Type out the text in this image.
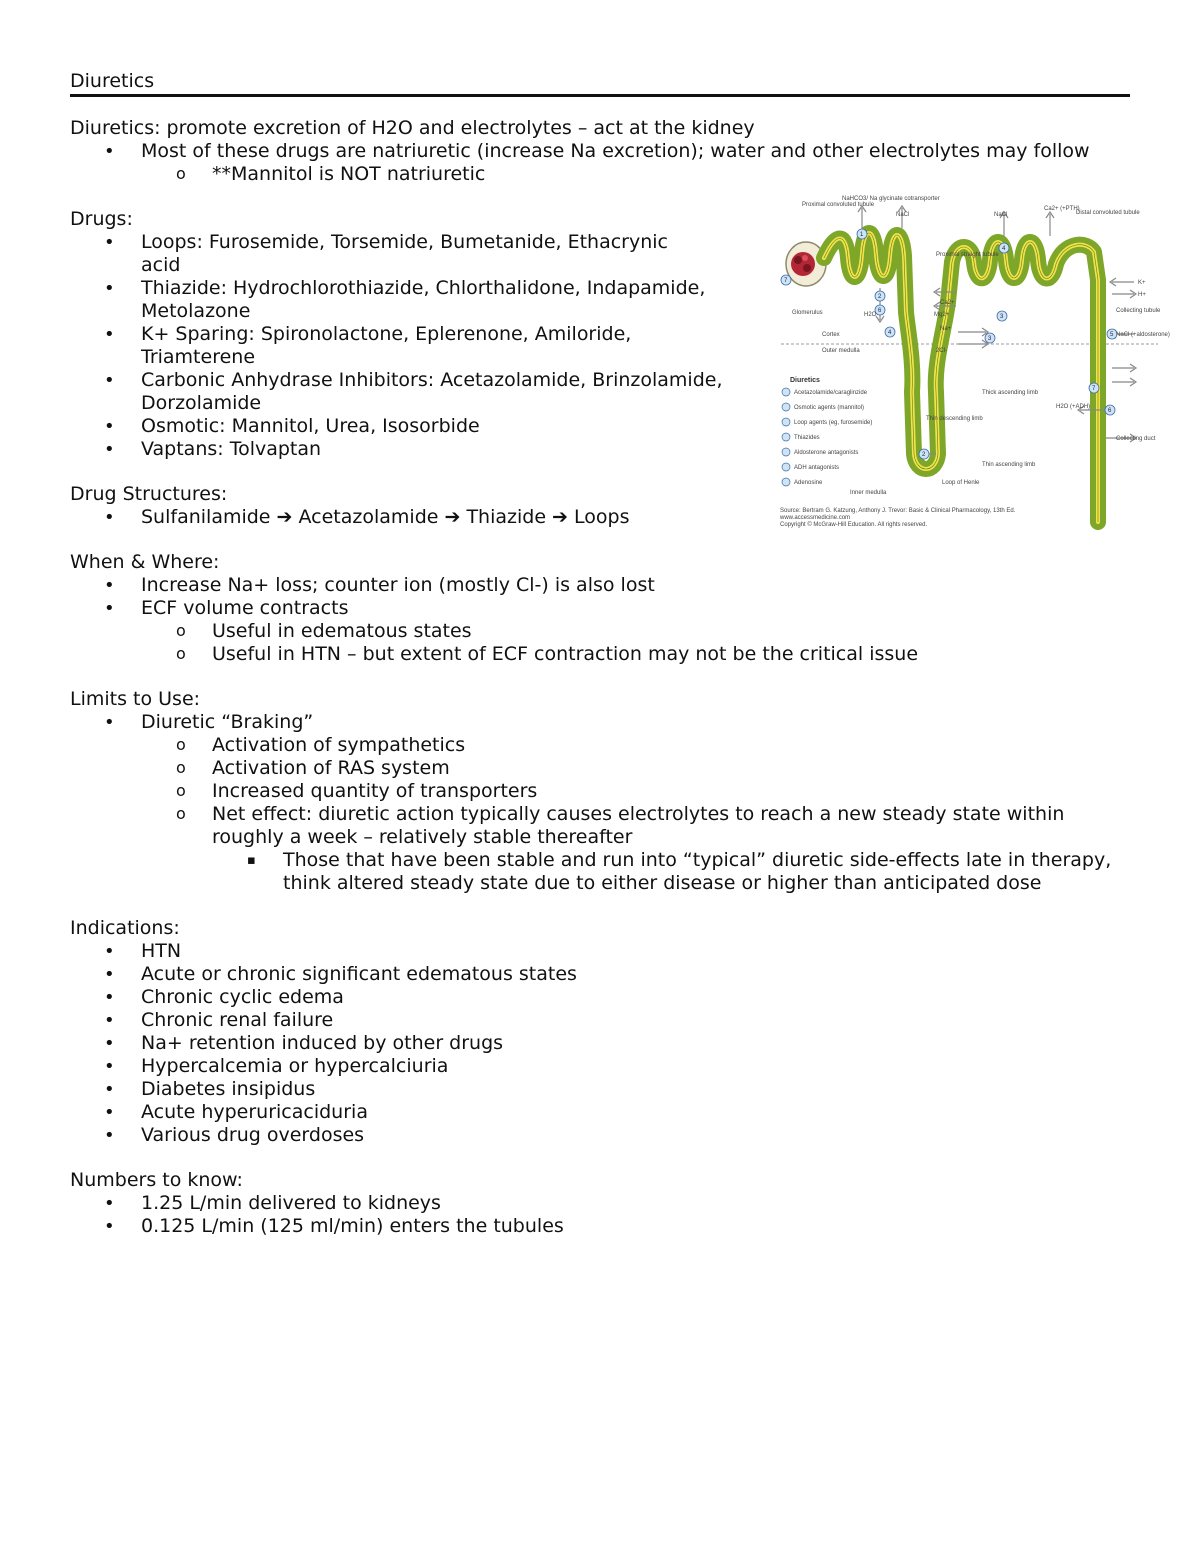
Diuretics
Diuretics: promote excretion of H2O and electrolytes – act at the kidney
• Most of these drugs are natriuretic (increase Na excretion); water and other electrolytes may follow
o **Mannitol is NOT natriuretic
Drugs:
• Loops: Furosemide, Torsemide, Bumetanide, Ethacrynic acid
• Thiazide: Hydrochlorothiazide, Chlorthalidone, Indapamide, Metolazone
• K+ Sparing: Spironolactone, Eplerenone, Amiloride, Triamterene
• Carbonic Anhydrase Inhibitors: Acetazolamide, Brinzolamide, Dorzolamide
• Osmotic: Mannitol, Urea, Isosorbide
• Vaptans: Tolvaptan
Drug Structures:
• Sulfanilamide ➔ Acetazolamide ➔ Thiazide ➔ Loops
When & Where:
• Increase Na+ loss; counter ion (mostly Cl-) is also lost
• ECF volume contracts
o Useful in edematous states
o Useful in HTN – but extent of ECF contraction may not be the critical issue
Limits to Use:
• Diuretic “Braking”
o Activation of sympathetics
o Activation of RAS system
o Increased quantity of transporters
o Net effect: diuretic action typically causes electrolytes to reach a new steady state within roughly a week – relatively stable thereafter
▪ Those that have been stable and run into “typical” diuretic side-effects late in therapy, think altered steady state due to either disease or higher than anticipated dose
Indications:
• HTN
• Acute or chronic significant edematous states
• Chronic cyclic edema
• Chronic renal failure
• Na+ retention induced by other drugs
• Hypercalcemia or hypercalciuria
• Diabetes insipidus
• Acute hyperuricaciduria
• Various drug overdoses
Numbers to know:
• 1.25 L/min delivered to kidneys
• 0.125 L/min (125 ml/min) enters the tubules
1
2
6
4
7
4
3
3
5
7
6
2
Proximal convoluted tubule
NaHCO3/ Na glycinate cotransporter
NaCl	NaCl
Ca2+ (+PTH)
Distal convoluted tubule
Proximal straight tubule
Glomerulus
Cortex
Outer medulla
Inner medulla
Thick ascending limb
Thin descending limb
Thin ascending limb
Loop of Henle
Collecting tubule
Collecting duct
K+
H+
H2O
H2O (+ADH)
NaCl (+aldosterone)
Ca2+
Mg2+
Na+
2Cl-
Diuretics
Acetazolamide/caraglinzide
Osmotic agents (mannitol)
Loop agents (eg, furosemide)
Thiazides
Aldosterone antagonists
ADH antagonists
Adenosine
Source: Bertram G. Katzung, Anthony J. Trevor: Basic & Clinical Pharmacology, 13th Ed.
www.accessmedicine.com
Copyright © McGraw-Hill Education. All rights reserved.
